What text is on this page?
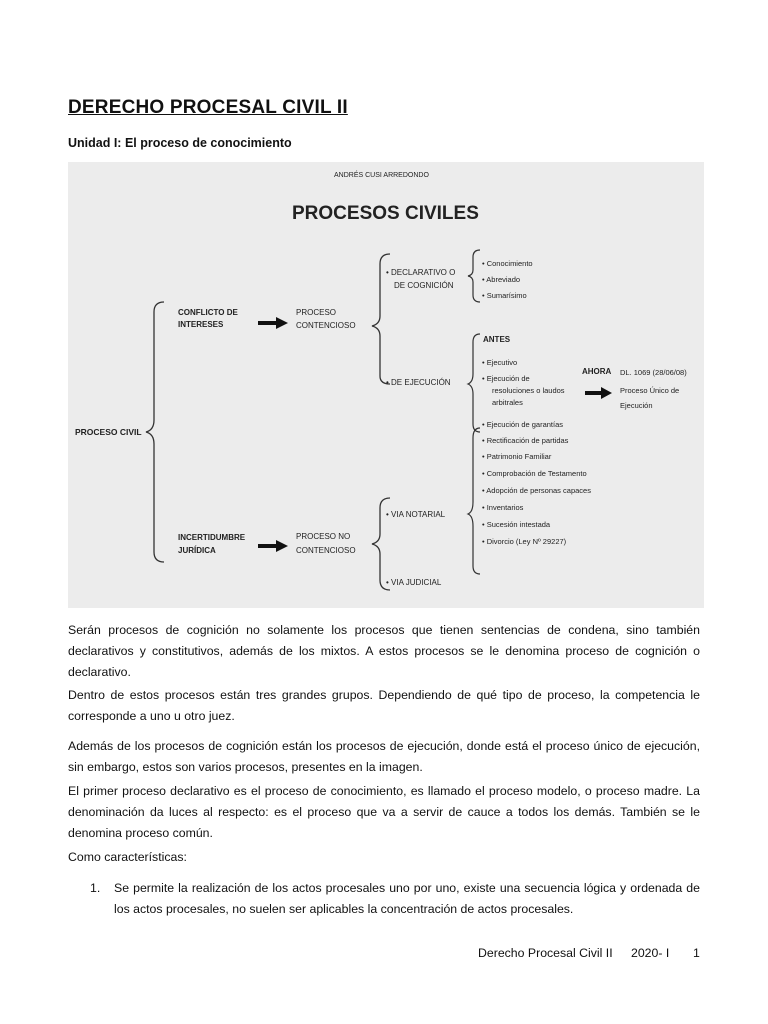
DERECHO PROCESAL CIVIL II
Unidad I: El proceso de conocimiento
ANDRÉS CUSI ARREDONDO
PROCESOS CIVILES
PROCESO CIVIL
CONFLICTO DE
INTERESES
PROCESO
CONTENCIOSO
• DECLARATIVO O
DE COGNICIÓN
• Conocimiento
• Abreviado
• Sumarísimo
• DE EJECUCIÓN
ANTES
• Ejecutivo
• Ejecución de
resoluciones o laudos
arbitrales
• Ejecución de garantías
AHORA DL. 1069 (28/06/08)
Proceso Único de
Ejecución
INCERTIDUMBRE
JURÍDICA
PROCESO NO
CONTENCIOSO
• VIA NOTARIAL
• VIA JUDICIAL
• Rectificación de partidas
• Patrimonio Familiar
• Comprobación de Testamento
• Adopción de personas capaces
• Inventarios
• Sucesión intestada
• Divorcio (Ley Nº 29227)
Serán procesos de cognición no solamente los procesos que tienen sentencias de condena, sino también declarativos y constitutivos, además de los mixtos. A estos procesos se le denomina proceso de cognición o declarativo.
Dentro de estos procesos están tres grandes grupos. Dependiendo de qué tipo de proceso, la competencia le corresponde a uno u otro juez.
Además de los procesos de cognición están los procesos de ejecución, donde está el proceso único de ejecución, sin embargo, estos son varios procesos, presentes en la imagen.
El primer proceso declarativo es el proceso de conocimiento, es llamado el proceso modelo, o proceso madre. La denominación da luces al respecto: es el proceso que va a servir de cauce a todos los demás. También se le denomina proceso común.
Como características:
1.	Se permite la realización de los actos procesales uno por uno, existe una secuencia lógica y ordenada de los actos procesales, no suelen ser aplicables la concentración de actos procesales.
Derecho Procesal Civil II 2020- I 1
